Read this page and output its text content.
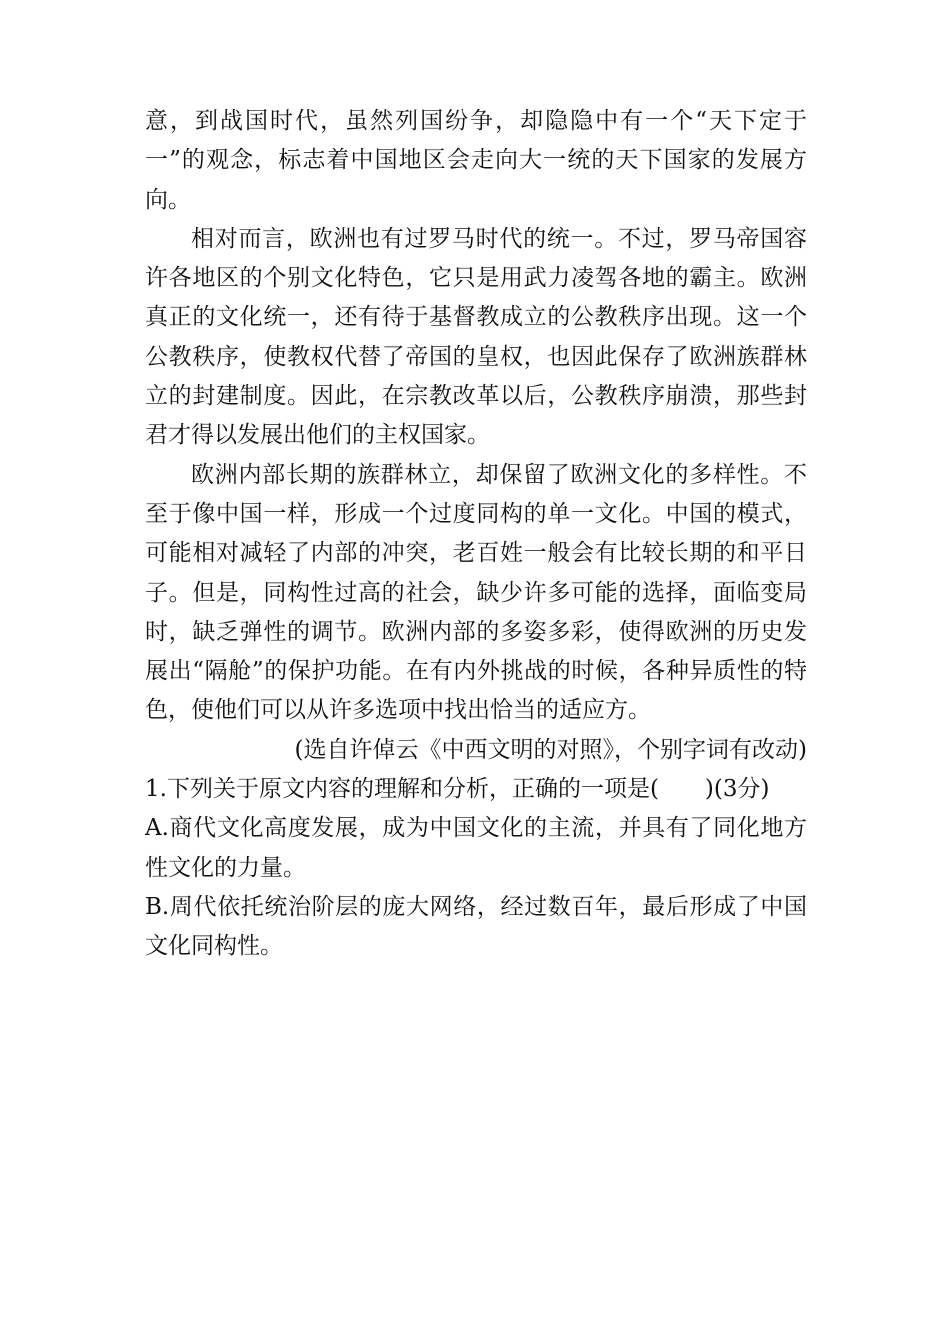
意，到战国时代，虽然列国纷争，却隐隐中有一个“天下定于一”的观念，标志着中国地区会走向大一统的天下国家的发展方向。

相对而言，欧洲也有过罗马时代的统一。不过，罗马帝国容许各地区的个别文化特色，它只是用武力凌驾各地的霸主。欧洲真正的文化统一，还有待于基督教成立的公教秩序出现。这一个公教秩序，使教权代替了帝国的皇权，也因此保存了欧洲族群林立的封建制度。因此，在宗教改革以后，公教秩序崩溃，那些封君才得以发展出他们的主权国家。

欧洲内部长期的族群林立，却保留了欧洲文化的多样性。不至于像中国一样，形成一个过度同构的单一文化。中国的模式，可能相对减轻了内部的冲突，老百姓一般会有比较长期的和平日子。但是，同构性过高的社会，缺少许多可能的选择，面临变局时，缺乏弹性的调节。欧洲内部的多姿多彩，使得欧洲的历史发展出“隔舱”的保护功能。在有内外挑战的时候，各种异质性的特色，使他们可以从许多选项中找出恰当的适应方。

(选自许倬云《中西文明的对照》，个别字词有改动)

1.下列关于原文内容的理解和分析，正确的一项是(　　)(3分)

A.商代文化高度发展，成为中国文化的主流，并具有了同化地方性文化的力量。

B.周代依托统治阶层的庞大网络，经过数百年，最后形成了中国文化同构性。
